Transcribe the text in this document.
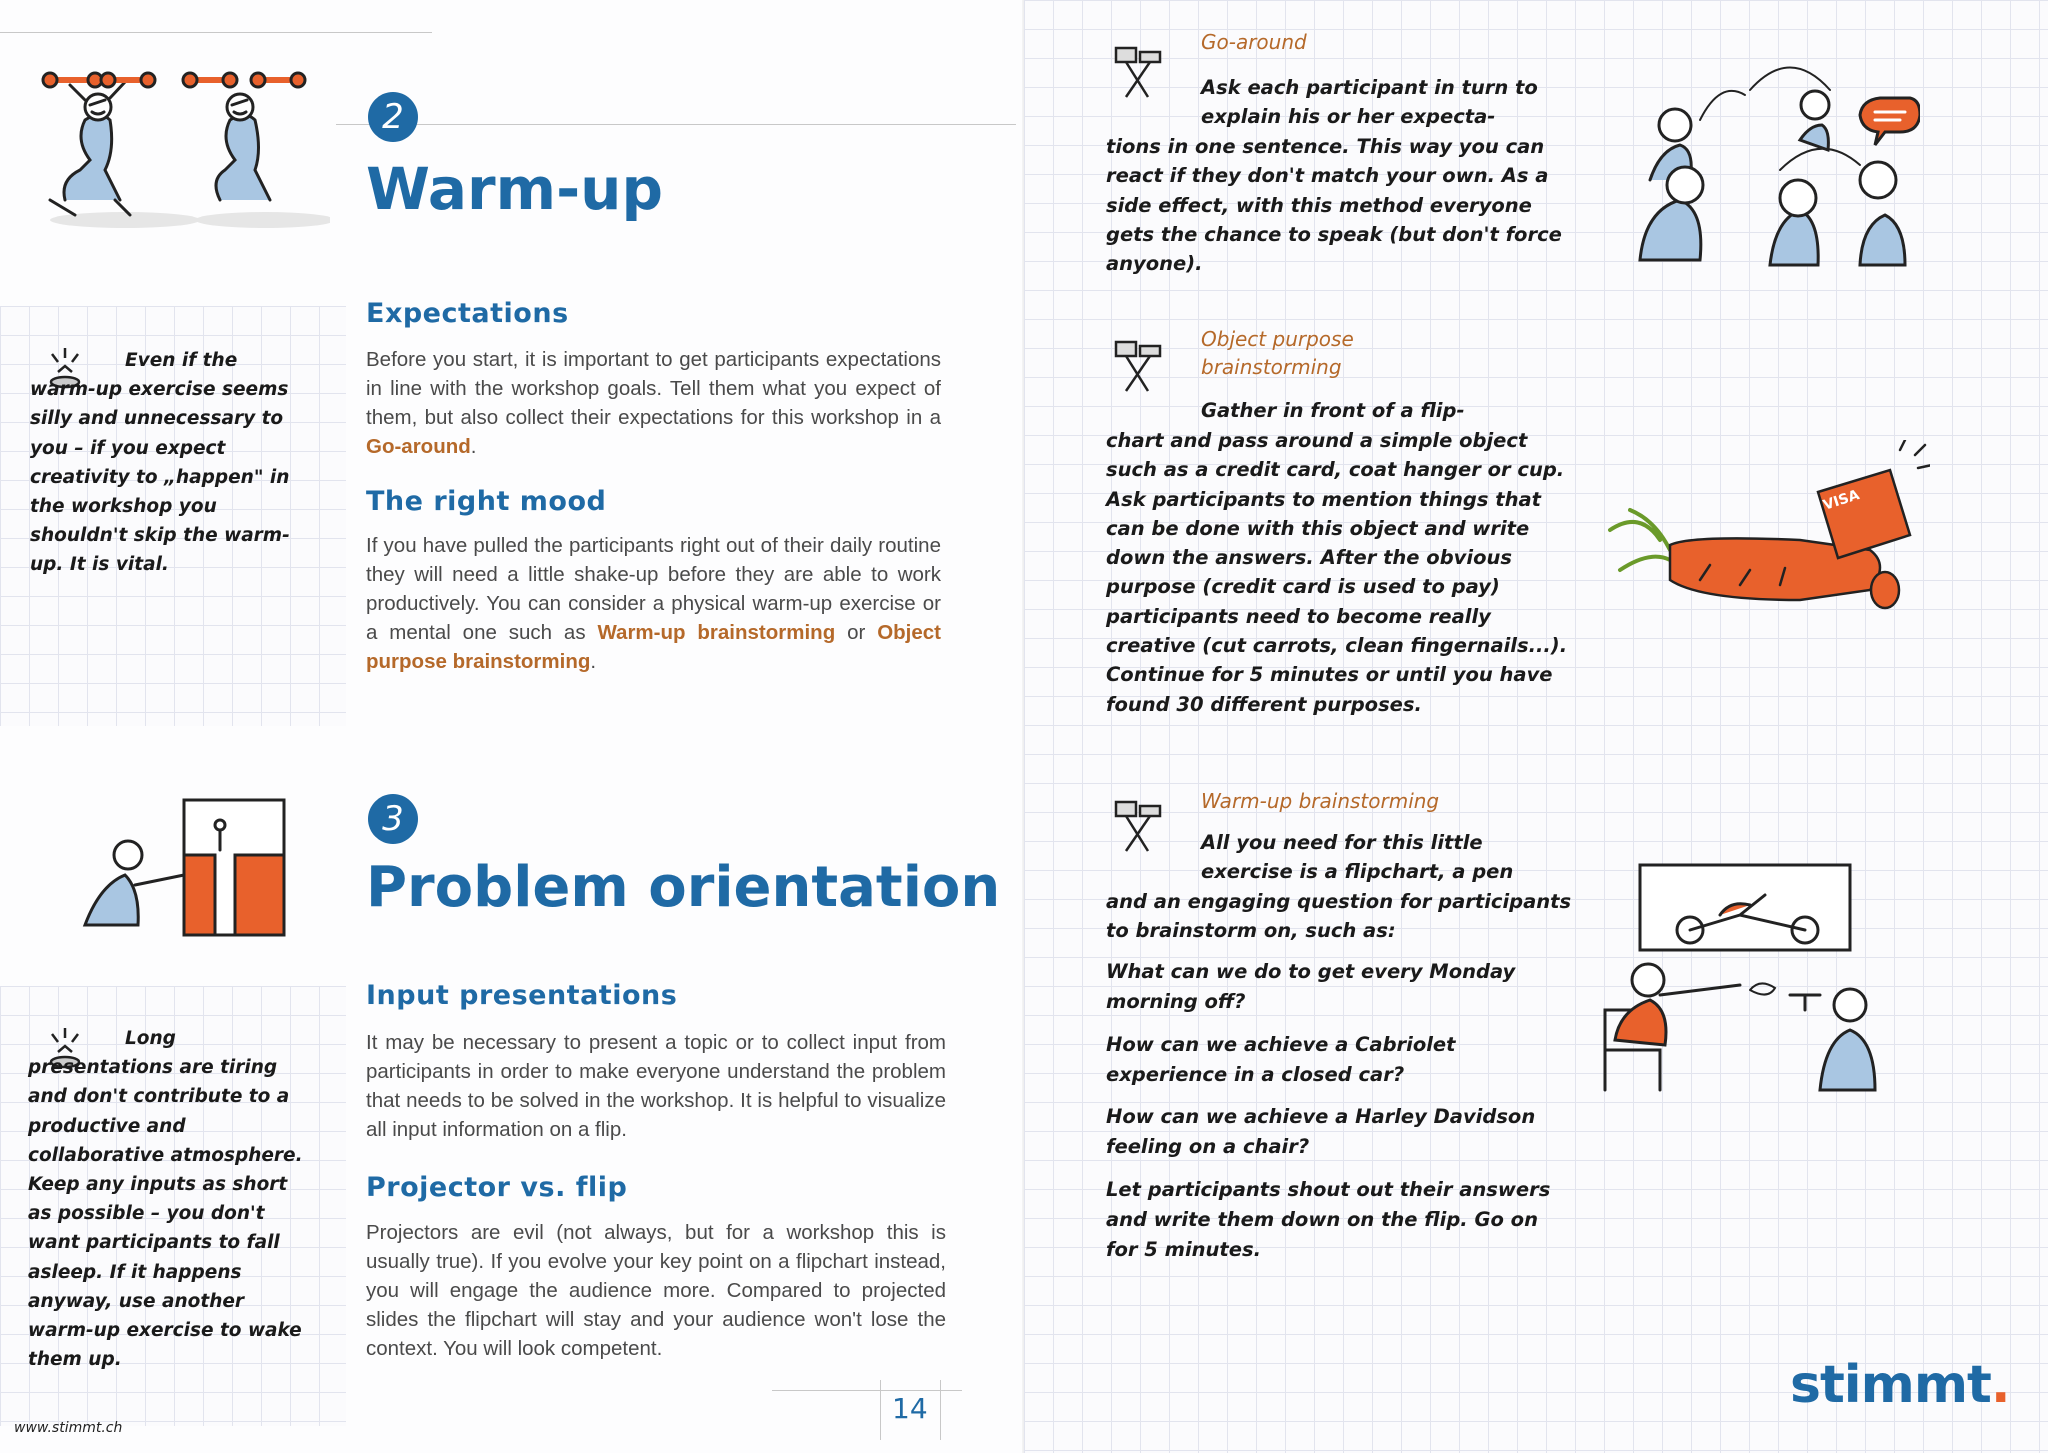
2
Warm-up
Even if the warm-up exercise seems silly and unnecessary to you – if you expect creativity to „happen" in the workshop you shouldn't skip the warm-up. It is vital.
Expectations
Before you start, it is important to get participants expectations in line with the workshop goals. Tell them what you expect of them, but also collect their expectations for this workshop in a Go-around.
The right mood
If you have pulled the participants right out of their daily routine they will need a little shake-up before they are able to work productively. You can consider a physical warm-up exercise or a mental one such as Warm-up brainstorming or Object purpose brainstorming.
3
Problem orientation
Long presentations are tiring and don't contribute to a productive and collaborative atmosphere. Keep any inputs as short as possible – you don't want participants to fall asleep. If it happens anyway, use another warm-up exercise to wake them up.
Input presentations
It may be necessary to present a topic or to collect input from participants in order to make everyone understand the problem that needs to be solved in the workshop. It is helpful to visualize all input information on a flip.
Projector vs. flip
Projectors are evil (not always, but for a workshop this is usually true). If you evolve your key point on a flipchart instead, you will engage the audience more. Compared to projected slides the flipchart will stay and your audience won't lose the context. You will look competent.
www.stimmt.ch
14
Go-around
Ask each participant in turn to explain his or her expecta-
tions in one sentence. This way you can react if they don't match your own. As a side effect, with this method everyone gets the chance to speak (but don't force anyone).
Object purpose brainstorming
Gather in front of a flip-
chart and pass around a simple object such as a credit card, coat hanger or cup. Ask participants to mention things that can be done with this object and write down the answers. After the obvious purpose (credit card is used to pay) participants need to become really creative (cut carrots, clean fingernails...). Continue for 5 minutes or until you have found 30 different purposes.
VISA
Warm-up brainstorming
All you need for this little exercise is a flipchart, a pen
and an engaging question for participants to brainstorm on, such as:
What can we do to get every Monday morning off?
How can we achieve a Cabriolet experience in a closed car?
How can we achieve a Harley Davidson feeling on a chair?
Let participants shout out their answers and write them down on the flip. Go on for 5 minutes.
stimmt.
